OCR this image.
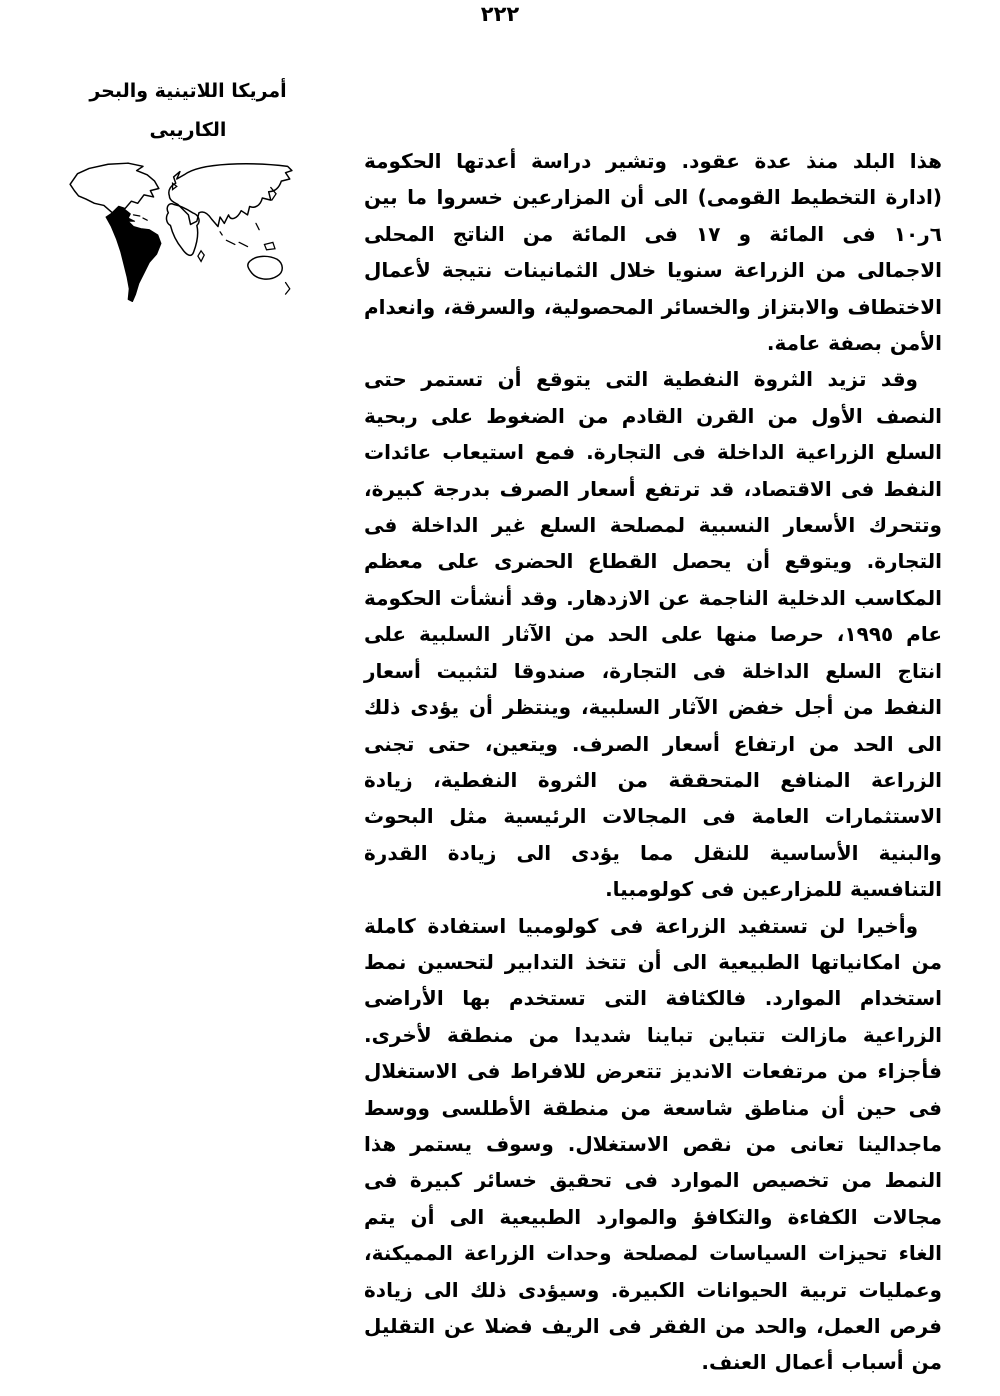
٢٢٢
أمريكا اللاتينية والبحر
الكاريبى

هذا البلد منذ عدة عقود. وتشير دراسة أعدتها الحكومة (ادارة التخطيط القومى) الى أن المزارعين خسروا ما بين ٦ر١٠ فى المائة و ١٧ فى المائة من الناتج المحلى الاجمالى من الزراعة سنويا خلال الثمانينات نتيجة لأعمال الاختطاف والابتزاز والخسائر المحصولية، والسرقة، وانعدام الأمن بصفة عامة.

وقد تزيد الثروة النفطية التى يتوقع أن تستمر حتى النصف الأول من القرن القادم من الضغوط على ربحية السلع الزراعية الداخلة فى التجارة. فمع استيعاب عائدات النفط فى الاقتصاد، قد ترتفع أسعار الصرف بدرجة كبيرة، وتتحرك الأسعار النسبية لمصلحة السلع غير الداخلة فى التجارة. ويتوقع أن يحصل القطاع الحضرى على معظم المكاسب الدخلية الناجمة عن الازدهار. وقد أنشأت الحكومة عام ١٩٩٥، حرصا منها على الحد من الآثار السلبية على انتاج السلع الداخلة فى التجارة، صندوقا لتثبيت أسعار النفط من أجل خفض الآثار السلبية، وينتظر أن يؤدى ذلك الى الحد من ارتفاع أسعار الصرف. ويتعين، حتى تجنى الزراعة المنافع المتحققة من الثروة النفطية، زيادة الاستثمارات العامة فى المجالات الرئيسية مثل البحوث والبنية الأساسية للنقل مما يؤدى الى زيادة القدرة التنافسية للمزارعين فى كولومبيا.

وأخيرا لن تستفيد الزراعة فى كولومبيا استفادة كاملة من امكانياتها الطبيعية الى أن تتخذ التدابير لتحسين نمط استخدام الموارد. فالكثافة التى تستخدم بها الأراضى الزراعية مازالت تتباين تباينا شديدا من منطقة لأخرى. فأجزاء من مرتفعات الانديز تتعرض للافراط فى الاستغلال فى حين أن مناطق شاسعة من منطقة الأطلسى ووسط ماجدالينا تعانى من نقص الاستغلال. وسوف يستمر هذا النمط من تخصيص الموارد فى تحقيق خسائر كبيرة فى مجالات الكفاءة والتكافؤ والموارد الطبيعية الى أن يتم الغاء تحيزات السياسات لمصلحة وحدات الزراعة المميكنة، وعمليات تربية الحيوانات الكبيرة. وسيؤدى ذلك الى زيادة فرص العمل، والحد من الفقر فى الريف فضلا عن التقليل من أسباب أعمال العنف.
